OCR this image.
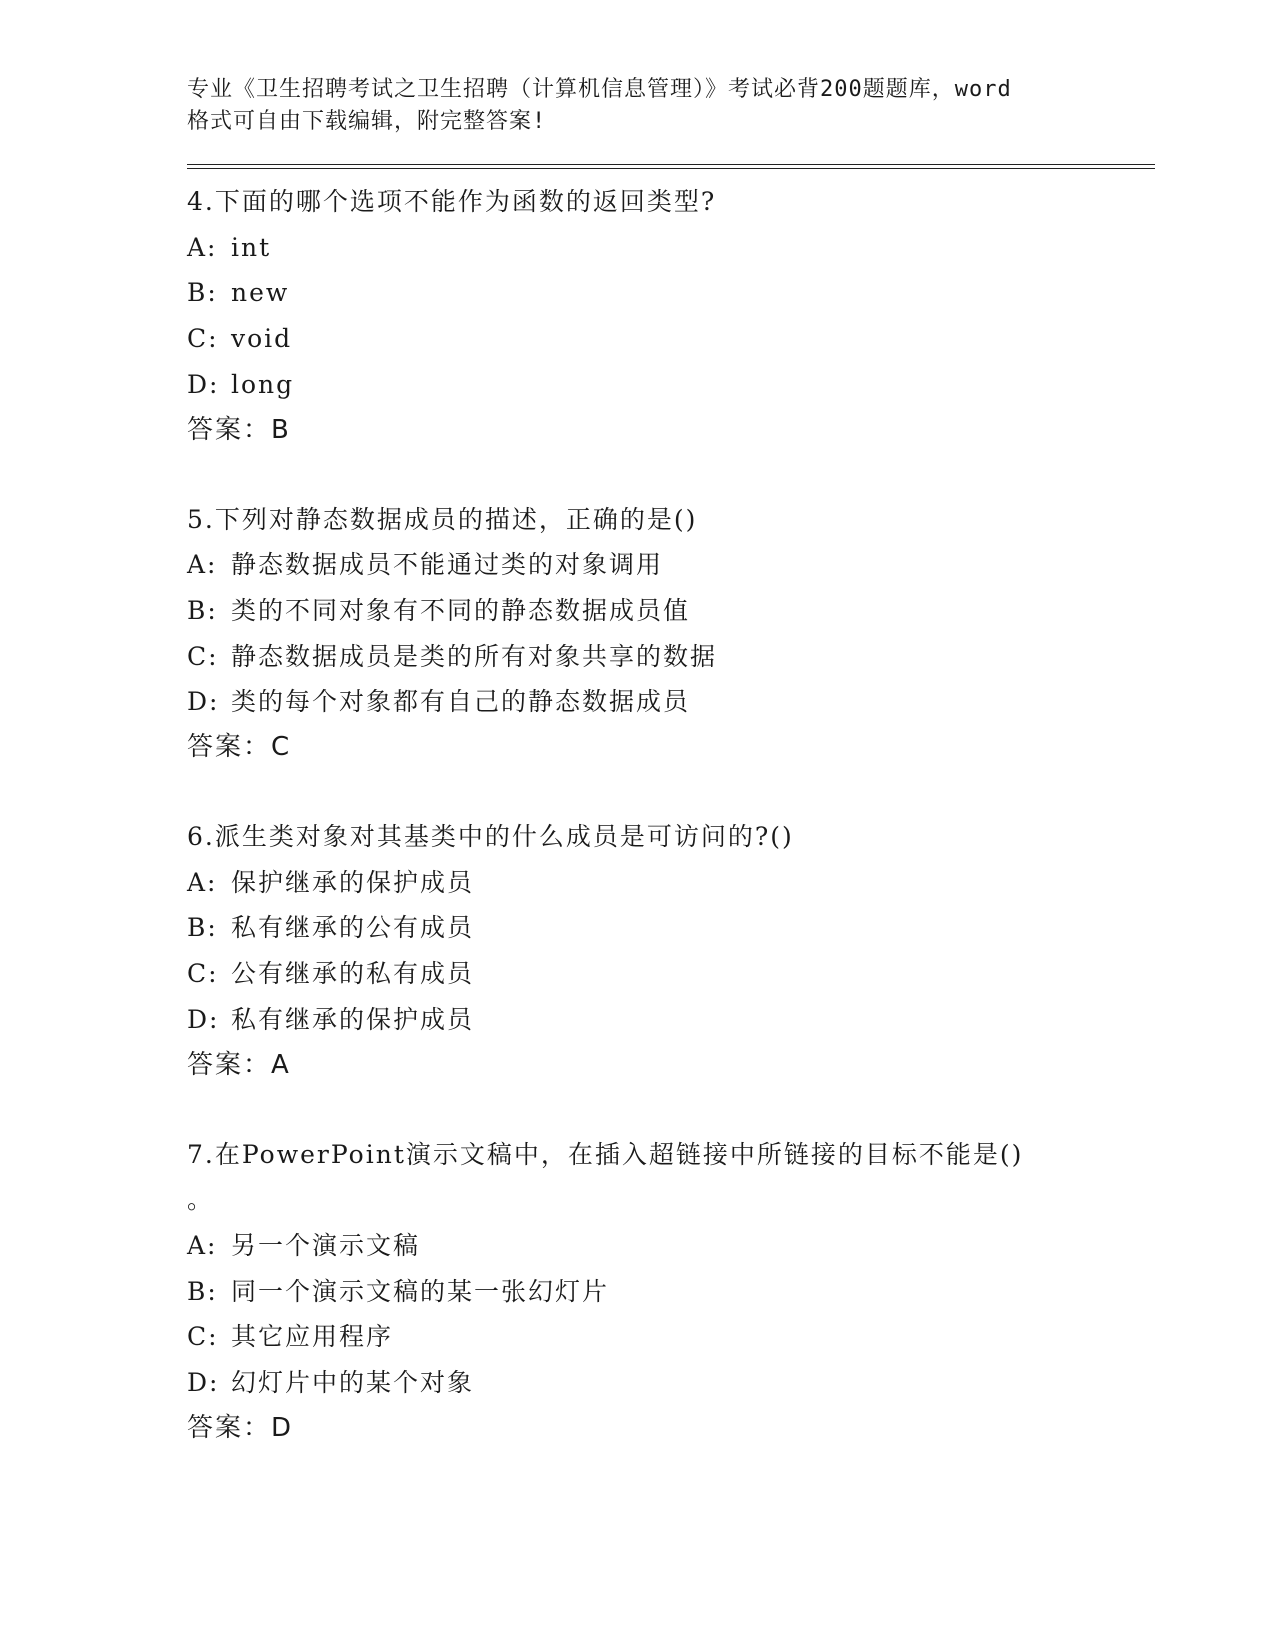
专业《卫生招聘考试之卫生招聘（计算机信息管理）》考试必背200题题库，word
格式可自由下载编辑，附完整答案!
4.下面的哪个选项不能作为函数的返回类型?
A: int
B: new
C: void
D: long
答案：B
5.下列对静态数据成员的描述，正确的是()
A: 静态数据成员不能通过类的对象调用
B: 类的不同对象有不同的静态数据成员值
C: 静态数据成员是类的所有对象共享的数据
D: 类的每个对象都有自己的静态数据成员
答案：C
6.派生类对象对其基类中的什么成员是可访问的?()
A: 保护继承的保护成员
B: 私有继承的公有成员
C: 公有继承的私有成员
D: 私有继承的保护成员
答案：A
7.在PowerPoint演示文稿中，在插入超链接中所链接的目标不能是()
。
A: 另一个演示文稿
B: 同一个演示文稿的某一张幻灯片
C: 其它应用程序
D: 幻灯片中的某个对象
答案：D
